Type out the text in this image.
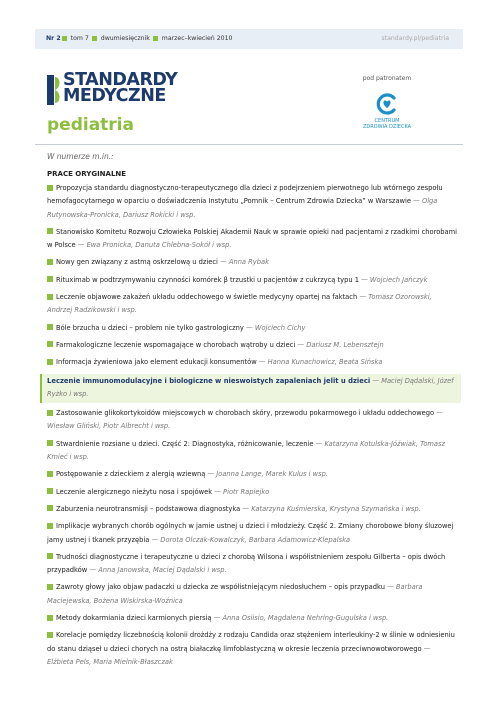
Nr 2 tom 7 dwumiesięcznik marzec–kwiecień 2010	standardy.pl/pediatria
STANDARDY
MEDYCZNE
pediatria
pod patronatem
CENTRUM
ZDROWIA DZIECKA
W numerze m.in.:
PRACE ORYGINALNE
Propozycja standardu diagnostyczno-terapeutycznego dla dzieci z podejrzeniem pierwotnego lub wtórnego zespołu hemofagocytarnego w oparciu o doświadczenia Instytutu „Pomnik – Centrum Zdrowia Dziecka” w Warszawie — Olga Rutynowska-Pronicka, Dariusz Rokicki i wsp.
Stanowisko Komitetu Rozwoju Człowieka Polskiej Akademii Nauk w sprawie opieki nad pacjentami z rzadkimi chorobami w Polsce — Ewa Pronicka, Danuta Chlebna-Sokół i wsp.
Nowy gen związany z astmą oskrzelową u dzieci — Anna Rybak
Rituximab w podtrzymywaniu czynności komórek β trzustki u pacjentów z cukrzycą typu 1 — Wojciech Jańczyk
Leczenie objawowe zakażeń układu oddechowego w świetle medycyny opartej na faktach — Tomasz Ozorowski, Andrzej Radzikowski i wsp.
Bóle brzucha u dzieci – problem nie tylko gastrologiczny — Wojciech Cichy
Farmakologiczne leczenie wspomagające w chorobach wątroby u dzieci — Dariusz M. Lebensztejn
Informacja żywieniowa jako element edukacji konsumentów — Hanna Kunachowicz, Beata Sińska
Leczenie immunomodulacyjne i biologiczne w nieswoistych zapaleniach jelit u dzieci — Maciej Dądalski, Józef Ryżko i wsp.
Zastosowanie glikokortykoidów miejscowych w chorobach skóry, przewodu pokarmowego i układu oddechowego — Wiesław Gliński, Piotr Albrecht i wsp.
Stwardnienie rozsiane u dzieci. Część 2: Diagnostyka, różnicowanie, leczenie — Katarzyna Kotulska-Jóźwiak, Tomasz Kmieć i wsp.
Postępowanie z dzieckiem z alergią wziewną — Joanna Lange, Marek Kulus i wsp.
Leczenie alergicznego nieżytu nosa i spojówek — Piotr Rapiejko
Zaburzenia neurotransmisji – podstawowa diagnostyka — Katarzyna Kuśmierska, Krystyna Szymańska i wsp.
Implikacje wybranych chorób ogólnych w jamie ustnej u dzieci i młodzieży. Część 2. Zmiany chorobowe błony śluzowej jamy ustnej i tkanek przyzębia — Dorota Olczak-Kowalczyk, Barbara Adamowicz-Klepalska
Trudności diagnostyczne i terapeutyczne u dzieci z chorobą Wilsona i współistnieniem zespołu Gilberta – opis dwóch przypadków — Anna Janowska, Maciej Dądalski i wsp.
Zawroty głowy jako objaw padaczki u dziecka ze współistniejącym niedosłuchem – opis przypadku — Barbara Maciejewska, Bożena Wiskirska-Woźnica
Metody dokarmiania dzieci karmionych piersią — Anna Osiisio, Magdalena Nehring-Gugulska i wsp.
Korelacje pomiędzy liczebnością kolonii drożdży z rodzaju Candida oraz stężeniem interleukiny-2 w ślinie w odniesieniu do stanu dziąseł u dzieci chorych na ostrą białaczkę limfoblastyczną w okresie leczenia przeciwnowotworowego — Elżbieta Pels, Maria Mielnik-Błaszczak
